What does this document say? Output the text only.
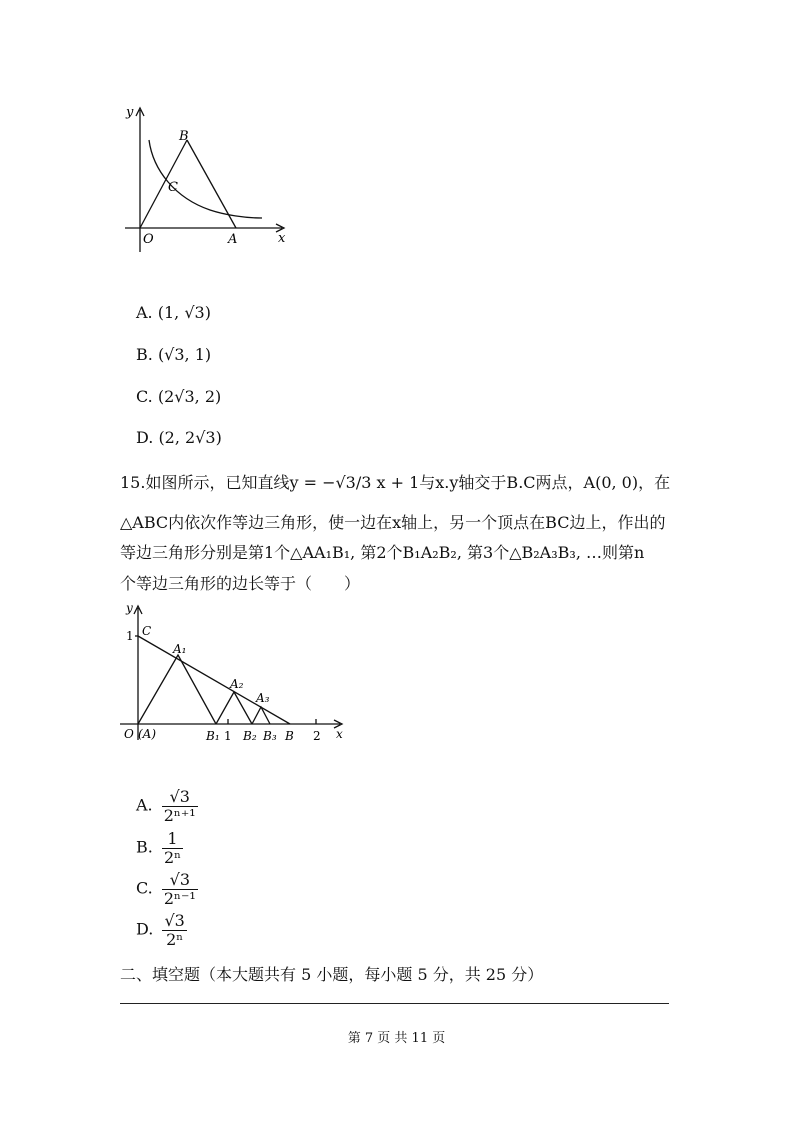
y
x
O	A
B
C
A. (1, √3)
B. (√3, 1)
C. (2√3, 2)
D. (2, 2√3)
15.如图所示，已知直线y = −√3/3 x + 1与x.y轴交于B.C两点，A(0, 0)，在
△ABC内依次作等边三角形，使一边在x轴上，另一个顶点在BC边上，作出的
等边三角形分别是第1个△AA₁B₁, 第2个B₁A₂B₂, 第3个△B₂A₃B₃, …则第n
个等边三角形的边长等于（　　）
y
x
1 C
A₁
A₂
A₃
O (A)	B₁ 1 B₂ B₃ B 2
A. $\frac{√3}{\text{2ⁿ⁺¹}}$
B. $\frac{1}{\text{2ⁿ}}$
C. $\frac{√3}{\text{2ⁿ⁻¹}}$
D. $\frac{√3}{\text{2ⁿ}}$
二、填空题（本大题共有 5 小题，每小题 5 分，共 25 分）
第 7 页 共 11 页
